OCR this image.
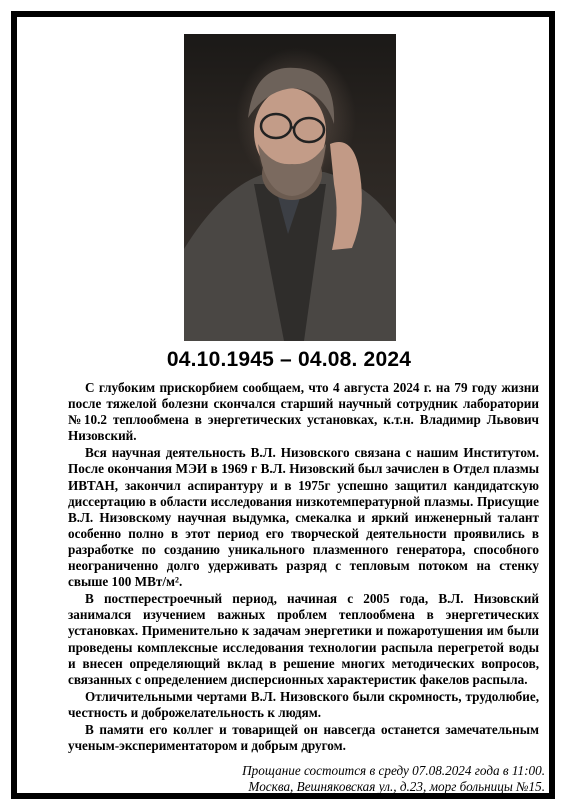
04.10.1945 – 04.08. 2024

С глубоким прискорбием сообщаем, что 4 августа 2024 г. на 79 году жизни после тяжелой болезни скончался старший научный сотрудник лаборатории №10.2 теплообмена в энергетических установках, к.т.н. Владимир Львович Низовский.

Вся научная деятельность В.Л. Низовского связана с нашим Институтом. После окончания МЭИ в 1969 г В.Л. Низовский был зачислен в Отдел плазмы ИВТАН, закончил аспирантуру и в 1975г успешно защитил кандидатскую диссертацию в области исследования низкотемпературной плазмы. Присущие В.Л. Низовскому научная выдумка, смекалка и яркий инженерный талант особенно полно в этот период его творческой деятельности проявились в разработке по созданию уникального плазменного генератора, способного неограниченно долго удерживать разряд с тепловым потоком на стенку свыше 100 МВт/м².

В постперестроечный период, начиная с 2005 года, В.Л. Низовский занимался изучением важных проблем теплообмена в энергетических установках. Применительно к задачам энергетики и пожаротушения им были проведены комплексные исследования технологии распыла перегретой воды и внесен определяющий вклад в решение многих методических вопросов, связанных с определением дисперсионных характеристик факелов распыла.

Отличительными чертами В.Л. Низовского были скромность, трудолюбие, честность и доброжелательность к людям.

В памяти его коллег и товарищей он навсегда останется замечательным ученым-экспериментатором и добрым другом.

Прощание состоится в среду 07.08.2024 года в 11:00.
Москва, Вешняковская ул., д.23, морг больницы №15.
